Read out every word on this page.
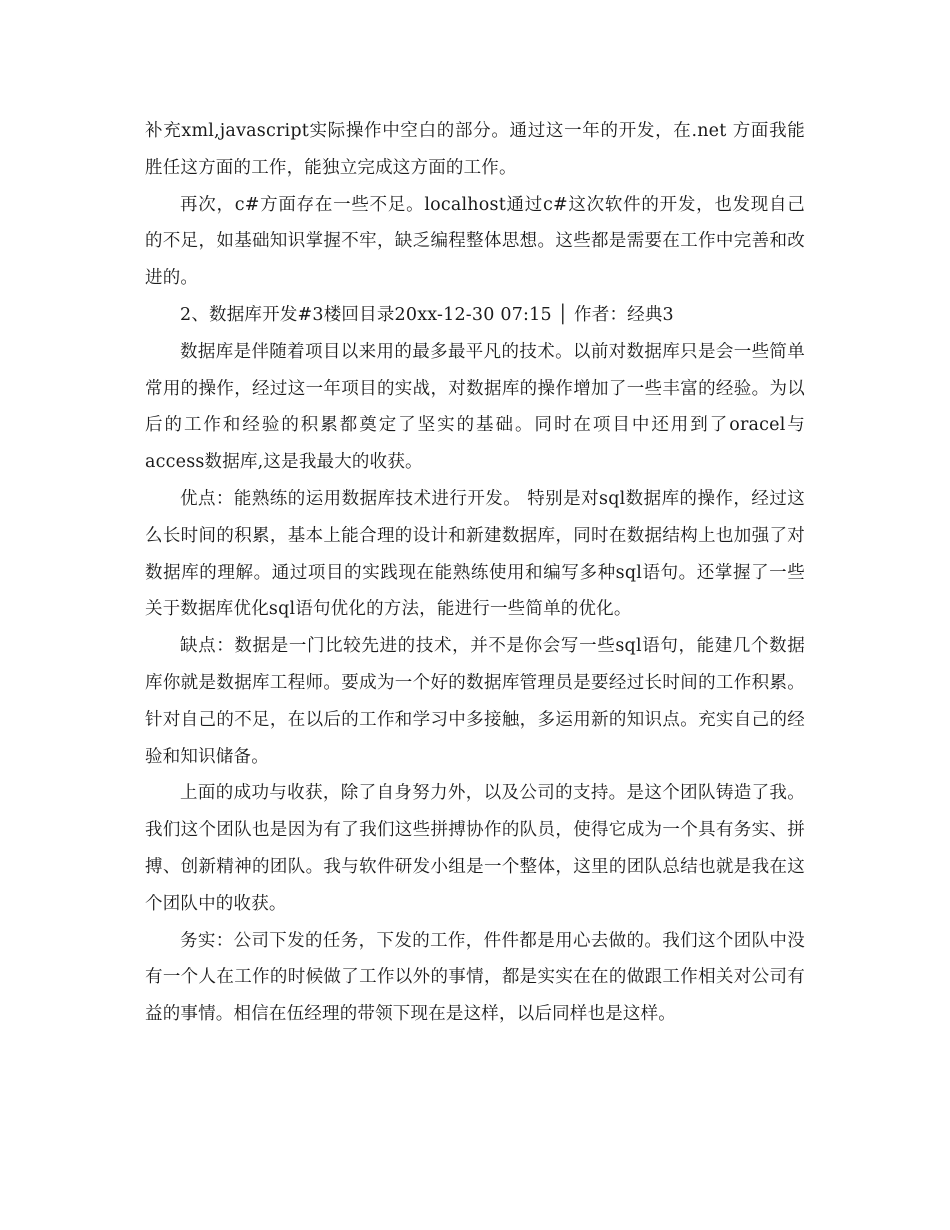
补充xml,javascript实际操作中空白的部分。通过这一年的开发，在.net 方面我能胜任这方面的工作，能独立完成这方面的工作。

再次，c#方面存在一些不足。localhost通过c#这次软件的开发，也发现自己的不足，如基础知识掌握不牢，缺乏编程整体思想。这些都是需要在工作中完善和改进的。

2、数据库开发#3楼回目录20xx-12-30 07:15 │ 作者：经典3

数据库是伴随着项目以来用的最多最平凡的技术。以前对数据库只是会一些简单常用的操作，经过这一年项目的实战，对数据库的操作增加了一些丰富的经验。为以后的工作和经验的积累都奠定了坚实的基础。同时在项目中还用到了oracel与 access数据库,这是我最大的收获。

优点：能熟练的运用数据库技术进行开发。 特别是对sql数据库的操作，经过这么长时间的积累，基本上能合理的设计和新建数据库，同时在数据结构上也加强了对数据库的理解。通过项目的实践现在能熟练使用和编写多种sql语句。还掌握了一些关于数据库优化sql语句优化的方法，能进行一些简单的优化。

缺点：数据是一门比较先进的技术，并不是你会写一些sql语句，能建几个数据库你就是数据库工程师。要成为一个好的数据库管理员是要经过长时间的工作积累。针对自己的不足，在以后的工作和学习中多接触，多运用新的知识点。充实自己的经验和知识储备。

上面的成功与收获，除了自身努力外，以及公司的支持。是这个团队铸造了我。我们这个团队也是因为有了我们这些拼搏协作的队员，使得它成为一个具有务实、拼搏、创新精神的团队。我与软件研发小组是一个整体，这里的团队总结也就是我在这个团队中的收获。

务实：公司下发的任务，下发的工作，件件都是用心去做的。我们这个团队中没有一个人在工作的时候做了工作以外的事情，都是实实在在的做跟工作相关对公司有益的事情。相信在伍经理的带领下现在是这样，以后同样也是这样。
